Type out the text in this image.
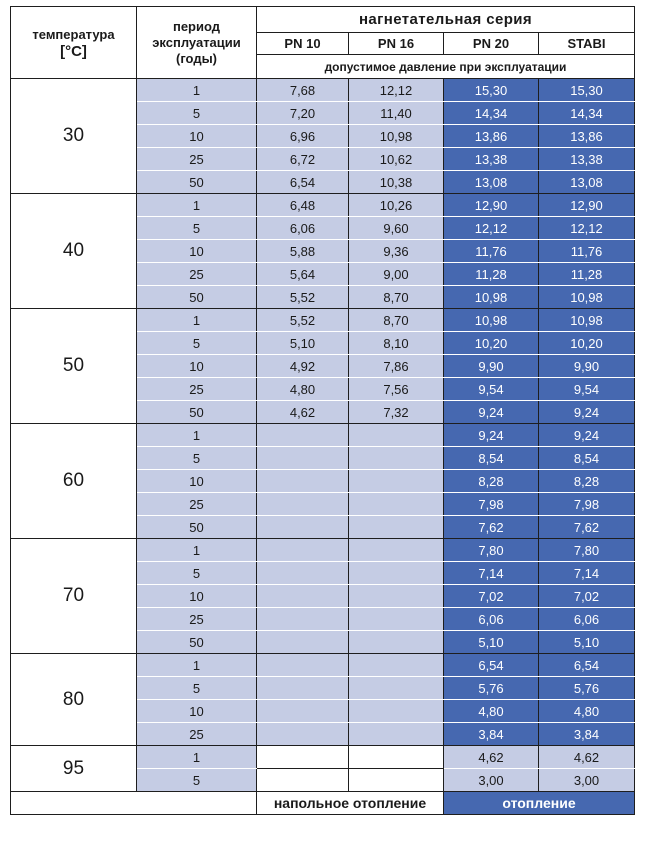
температура
[°C]	период эксплуатации (годы)	нагнетательная серия			
		PN 10	PN 16	PN 20	STABI
		допустимое давление при эксплуатации			
30	1	7,68	12,12	15,30	15,30
	5	7,20	11,40	14,34	14,34
	10	6,96	10,98	13,86	13,86
	25	6,72	10,62	13,38	13,38
	50	6,54	10,38	13,08	13,08
40	1	6,48	10,26	12,90	12,90
	5	6,06	9,60	12,12	12,12
	10	5,88	9,36	11,76	11,76
	25	5,64	9,00	11,28	11,28
	50	5,52	8,70	10,98	10,98
50	1	5,52	8,70	10,98	10,98
	5	5,10	8,10	10,20	10,20
	10	4,92	7,86	9,90	9,90
	25	4,80	7,56	9,54	9,54
	50	4,62	7,32	9,24	9,24
60	1			9,24	9,24
	5			8,54	8,54
	10			8,28	8,28
	25			7,98	7,98
	50			7,62	7,62
70	1			7,80	7,80
	5			7,14	7,14
	10			7,02	7,02
	25			6,06	6,06
	50			5,10	5,10
80	1			6,54	6,54
	5			5,76	5,76
	10			4,80	4,80
	25			3,84	3,84
95	1			4,62	4,62
	5			3,00	3,00
		напольное отопление		отопление	
